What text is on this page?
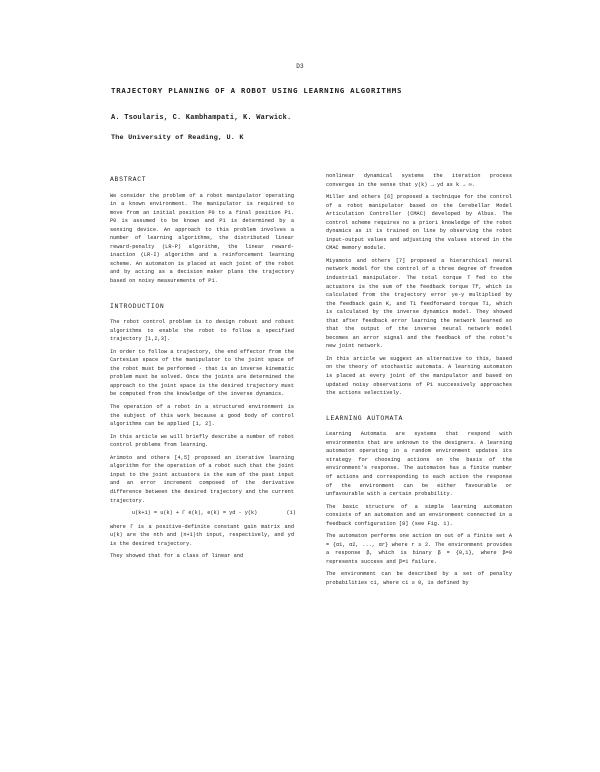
D3
TRAJECTORY PLANNING OF A ROBOT USING LEARNING ALGORITHMS
A. Tsoularis, C. Kambhampati, K. Warwick.
The University of Reading, U. K
ABSTRACT
We consider the problem of a robot manipulator operating in a known environment. The manipulator is required to move from an initial position P0 to a final position P1. P0 is assumed to be known and P1 is determined by a sensing device. An approach to this problem involves a number of learning algorithms, the distributed linear reward-penalty (LR-P) algorithm, the linear reward-inaction (LR-I) algorithm and a reinforcement learning scheme. An automaton is placed at each joint of the robot and by acting as a decision maker plans the trajectory based on noisy measurements of P1.
INTRODUCTION
The robot control problem is to design robust and robust algorithms to enable the robot to follow a specified trajectory [1,2,3].
In order to follow a trajectory, the end effector from the Cartesian space of the manipulator to the joint space of the robot must be performed - that is an inverse kinematic problem must be solved. Once the joints are determined the approach to the joint space is the desired trajectory must be computed from the knowledge of the inverse dynamics.
The operation of a robot in a structured environment is the subject of this work because a good body of control algorithms can be applied [1, 2].
In this article we will briefly describe a number of robot control problems from learning.
Arimoto and others [4,5] proposed an iterative learning algorithm for the operation of a robot such that the joint input to the joint actuators is the sum of the past input and an error increment composed of the derivative difference between the desired trajectory and the current trajectory.
u(k+1) = u(k) + Γ ė(k), e(k) = yd - y(k)	(1)
where Γ is a positive-definite constant gain matrix and u(k) are the nth and (n+1)th input, respectively, and yd is the desired trajectory.
They showed that for a class of linear and
nonlinear dynamical systems the iteration process converges in the sense that y(k) → yd as k → ∞.
Miller and others [6] proposed a technique for the control of a robot manipulator based on the Cerebellar Model Articulation Controller (CMAC) developed by Albus. The control scheme requires no a priori knowledge of the robot dynamics as it is trained on line by observing the robot input-output values and adjusting the values stored in the CMAC memory module.
Miyamoto and others [7] proposed a hierarchical neural network model for the control of a three degree of freedom industrial manipulator. The total torque T fed to the actuators is the sum of the feedback torque Tf, which is calculated from the trajectory error ye-y multiplied by the feedback gain K, and Ti feedforward torque Ti, which is calculated by the inverse dynamics model. They showed that after feedback error learning the network learned so that the output of the inverse neural network model becomes an error signal and the feedback of the robot's new joint network.
In this article we suggest an alternative to this, based on the theory of stochastic automata. A learning automaton is placed at every joint of the manipulator and based on updated noisy observations of P1 successively approaches the actions selectively.
LEARNING AUTOMATA
Learning Automata are systems that respond with environments that are unknown to the designers. A learning automaton operating in a random environment updates its strategy for choosing actions on the basis of the environment's response. The automaton has a finite number of actions and corresponding to each action the response of the environment can be either favourable or unfavourable with a certain probability.
The basic structure of a simple learning automaton consists of an automaton and an environment connected in a feedback configuration [8] (see Fig. 1).
The automaton performs one action αn out of a finite set A = {α1, α2, ..., αr} where r ≥ 2. The environment provides a response β, which is binary β = {0,1}, where β=0 represents success and β=1 failure.
The environment can be described by a set of penalty probabilities ci, where ci ≥ 0, is defined by
